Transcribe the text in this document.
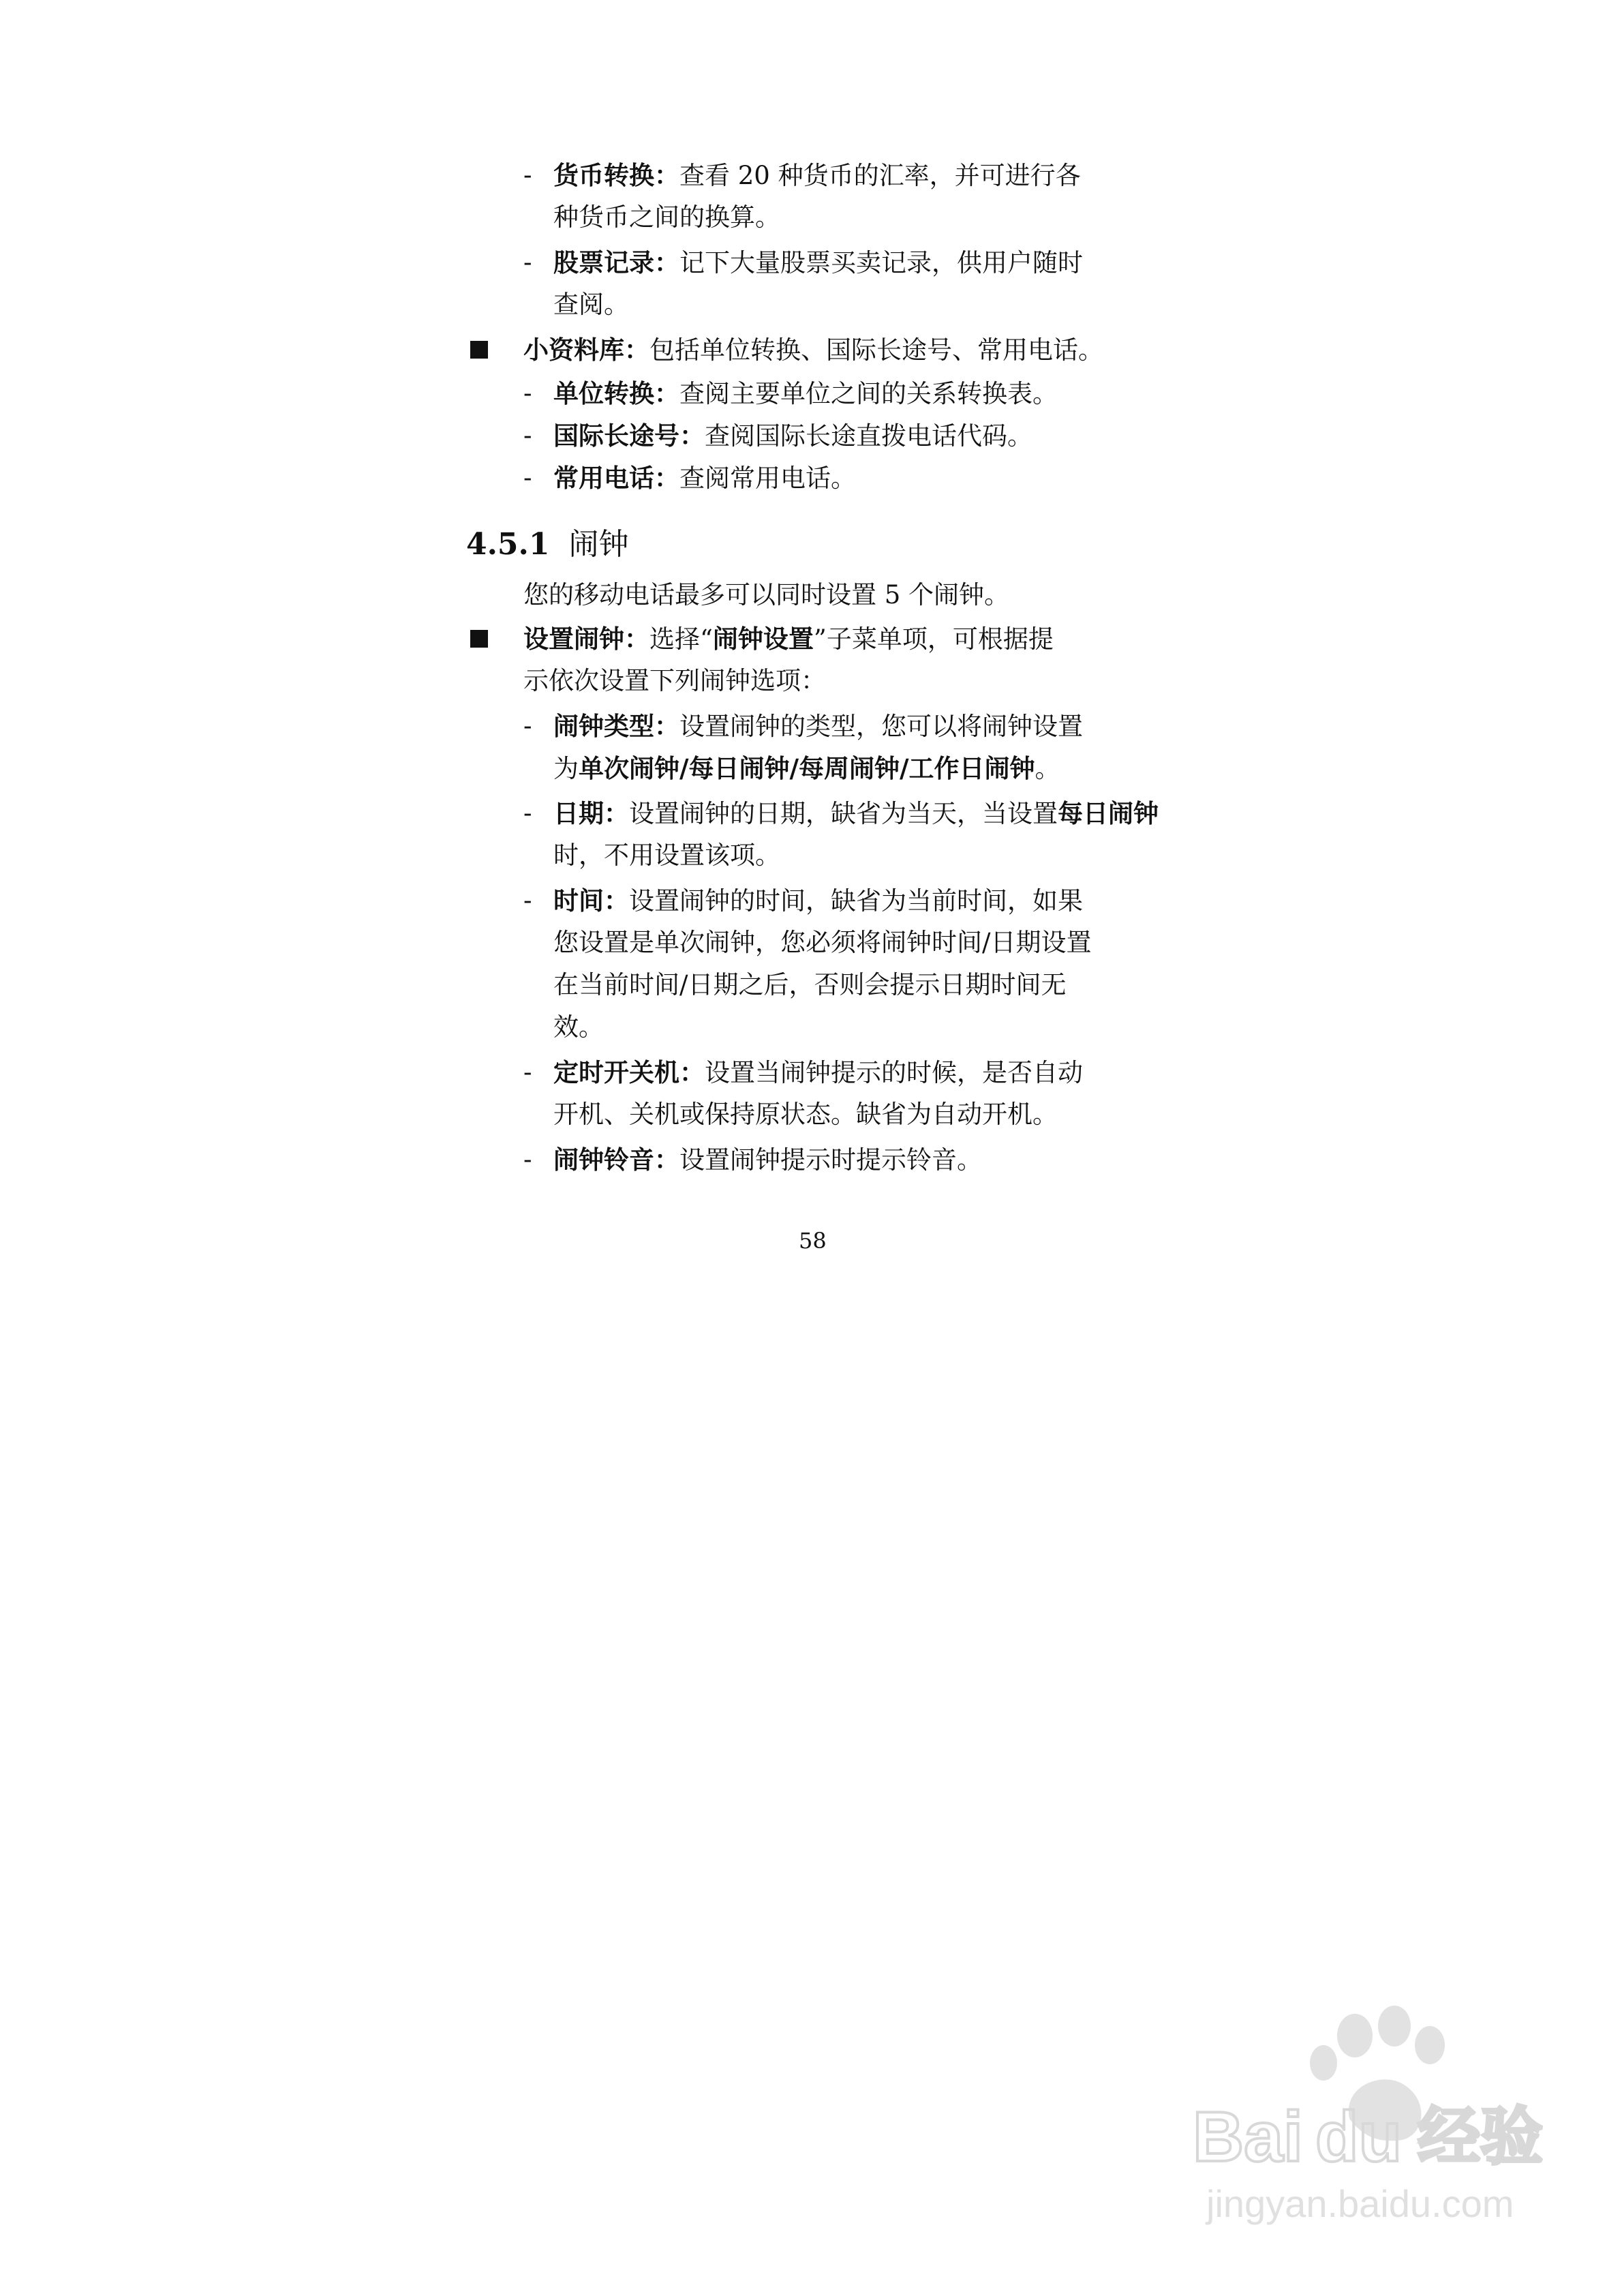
- 货币转换：查看 20 种货币的汇率，并可进行各
种货币之间的换算。
- 股票记录：记下大量股票买卖记录，供用户随时
查阅。
小资料库：包括单位转换、国际长途号、常用电话。
- 单位转换：查阅主要单位之间的关系转换表。
- 国际长途号：查阅国际长途直拨电话代码。
- 常用电话：查阅常用电话。
4.5.1 闹钟
您的移动电话最多可以同时设置 5 个闹钟。
设置闹钟：选择“闹钟设置”子菜单项，可根据提
示依次设置下列闹钟选项：
- 闹钟类型：设置闹钟的类型，您可以将闹钟设置
为单次闹钟/每日闹钟/每周闹钟/工作日闹钟。
- 日期：设置闹钟的日期，缺省为当天，当设置每日闹钟
时，不用设置该项。
- 时间：设置闹钟的时间，缺省为当前时间，如果
您设置是单次闹钟，您必须将闹钟时间/日期设置
在当前时间/日期之后，否则会提示日期时间无
效。
- 定时开关机：设置当闹钟提示的时候，是否自动
开机、关机或保持原状态。缺省为自动开机。
- 闹钟铃音：设置闹钟提示时提示铃音。
58
Bai du 经验
jingyan.baidu.com
